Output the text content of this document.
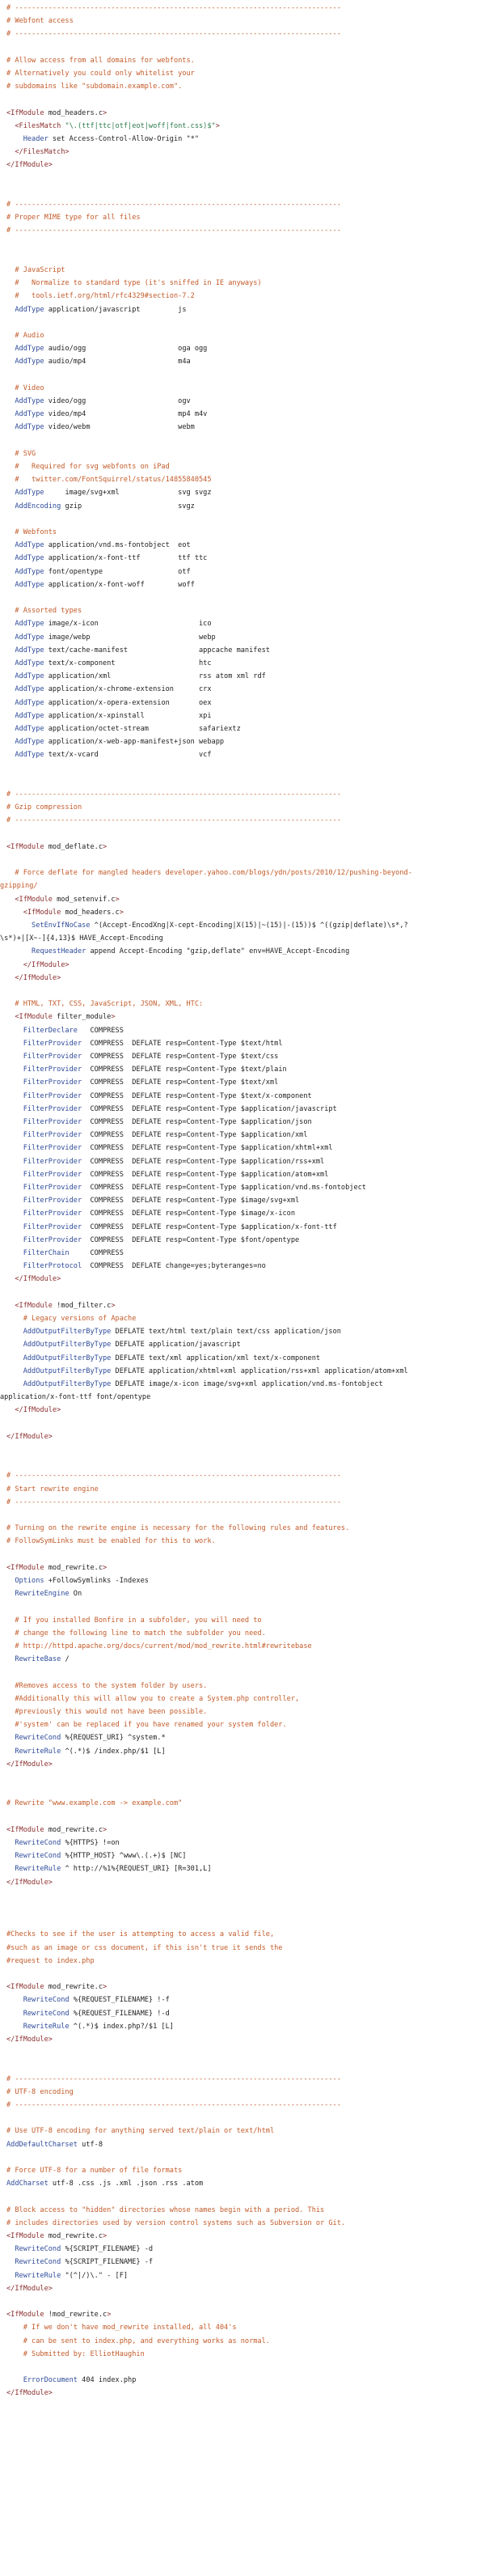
# ------------------------------------------------------------------------------
# Webfont access
# ------------------------------------------------------------------------------
# Allow access from all domains for webfonts.
# Alternatively you could only whitelist your
# subdomains like "subdomain.example.com".
<IfModule mod_headers.c>
<FilesMatch "\.(ttf|ttc|otf|eot|woff|font.css)$">
Header set Access-Control-Allow-Origin "*"
</FilesMatch>
</IfModule>
# ------------------------------------------------------------------------------
# Proper MIME type for all files
# ------------------------------------------------------------------------------
# JavaScript
#   Normalize to standard type (it's sniffed in IE anyways)
#   tools.ietf.org/html/rfc4329#section-7.2
AddType application/javascript         js
# Audio
AddType audio/ogg                      oga ogg
AddType audio/mp4                      m4a
# Video
AddType video/ogg                      ogv
AddType video/mp4                      mp4 m4v
AddType video/webm                     webm
# SVG
#   Required for svg webfonts on iPad
#   twitter.com/FontSquirrel/status/14855840545
AddType     image/svg+xml              svg svgz
AddEncoding gzip                       svgz
# Webfonts
AddType application/vnd.ms-fontobject  eot
AddType application/x-font-ttf         ttf ttc
AddType font/opentype                  otf
AddType application/x-font-woff        woff
# Assorted types
AddType image/x-icon                        ico
AddType image/webp                          webp
AddType text/cache-manifest                 appcache manifest
AddType text/x-component                    htc
AddType application/xml                     rss atom xml rdf
AddType application/x-chrome-extension      crx
AddType application/x-opera-extension       oex
AddType application/x-xpinstall             xpi
AddType application/octet-stream            safariextz
AddType application/x-web-app-manifest+json webapp
AddType text/x-vcard                        vcf
# ------------------------------------------------------------------------------
# Gzip compression
# ------------------------------------------------------------------------------
<IfModule mod_deflate.c>
# Force deflate for mangled headers developer.yahoo.com/blogs/ydn/posts/2010/12/pushing-beyond-
gzipping/
<IfModule mod_setenvif.c>
<IfModule mod_headers.c>
SetEnvIfNoCase ^(Accept-EncodXng|X-cept-Encoding|X(15)|~(15)|-(15))$ ^((gzip|deflate)\s*,?
\s*)+|[X~-]{4,13}$ HAVE_Accept-Encoding
RequestHeader append Accept-Encoding "gzip,deflate" env=HAVE_Accept-Encoding
</IfModule>
</IfModule>
# HTML, TXT, CSS, JavaScript, JSON, XML, HTC:
<IfModule filter_module>
FilterDeclare   COMPRESS
FilterProvider  COMPRESS  DEFLATE resp=Content-Type $text/html
FilterProvider  COMPRESS  DEFLATE resp=Content-Type $text/css
FilterProvider  COMPRESS  DEFLATE resp=Content-Type $text/plain
FilterProvider  COMPRESS  DEFLATE resp=Content-Type $text/xml
FilterProvider  COMPRESS  DEFLATE resp=Content-Type $text/x-component
FilterProvider  COMPRESS  DEFLATE resp=Content-Type $application/javascript
FilterProvider  COMPRESS  DEFLATE resp=Content-Type $application/json
FilterProvider  COMPRESS  DEFLATE resp=Content-Type $application/xml
FilterProvider  COMPRESS  DEFLATE resp=Content-Type $application/xhtml+xml
FilterProvider  COMPRESS  DEFLATE resp=Content-Type $application/rss+xml
FilterProvider  COMPRESS  DEFLATE resp=Content-Type $application/atom+xml
FilterProvider  COMPRESS  DEFLATE resp=Content-Type $application/vnd.ms-fontobject
FilterProvider  COMPRESS  DEFLATE resp=Content-Type $image/svg+xml
FilterProvider  COMPRESS  DEFLATE resp=Content-Type $image/x-icon
FilterProvider  COMPRESS  DEFLATE resp=Content-Type $application/x-font-ttf
FilterProvider  COMPRESS  DEFLATE resp=Content-Type $font/opentype
FilterChain     COMPRESS
FilterProtocol  COMPRESS  DEFLATE change=yes;byteranges=no
</IfModule>
<IfModule !mod_filter.c>
# Legacy versions of Apache
AddOutputFilterByType DEFLATE text/html text/plain text/css application/json
AddOutputFilterByType DEFLATE application/javascript
AddOutputFilterByType DEFLATE text/xml application/xml text/x-component
AddOutputFilterByType DEFLATE application/xhtml+xml application/rss+xml application/atom+xml
AddOutputFilterByType DEFLATE image/x-icon image/svg+xml application/vnd.ms-fontobject
application/x-font-ttf font/opentype
</IfModule>
</IfModule>
# ------------------------------------------------------------------------------
# Start rewrite engine
# ------------------------------------------------------------------------------
# Turning on the rewrite engine is necessary for the following rules and features.
# FollowSymLinks must be enabled for this to work.
<IfModule mod_rewrite.c>
Options +FollowSymlinks -Indexes
RewriteEngine On
# If you installed Bonfire in a subfolder, you will need to
# change the following line to match the subfolder you need.
# http://httpd.apache.org/docs/current/mod/mod_rewrite.html#rewritebase
RewriteBase /
#Removes access to the system folder by users.
#Additionally this will allow you to create a System.php controller,
#previously this would not have been possible.
#'system' can be replaced if you have renamed your system folder.
RewriteCond %{REQUEST_URI} ^system.*
RewriteRule ^(.*)$ /index.php/$1 [L]
</IfModule>
# Rewrite "www.example.com -> example.com"
<IfModule mod_rewrite.c>
RewriteCond %{HTTPS} !=on
RewriteCond %{HTTP_HOST} ^www\.(.+)$ [NC]
RewriteRule ^ http://%1%{REQUEST_URI} [R=301,L]
</IfModule>
#Checks to see if the user is attempting to access a valid file,
#such as an image or css document, if this isn't true it sends the
#request to index.php
<IfModule mod_rewrite.c>
RewriteCond %{REQUEST_FILENAME} !-f
RewriteCond %{REQUEST_FILENAME} !-d
RewriteRule ^(.*)$ index.php?/$1 [L]
</IfModule>
# ------------------------------------------------------------------------------
# UTF-8 encoding
# ------------------------------------------------------------------------------
# Use UTF-8 encoding for anything served text/plain or text/html
AddDefaultCharset utf-8
# Force UTF-8 for a number of file formats
AddCharset utf-8 .css .js .xml .json .rss .atom
# Block access to "hidden" directories whose names begin with a period. This
# includes directories used by version control systems such as Subversion or Git.
<IfModule mod_rewrite.c>
RewriteCond %{SCRIPT_FILENAME} -d
RewriteCond %{SCRIPT_FILENAME} -f
RewriteRule "(^|/)\." - [F]
</IfModule>
<IfModule !mod_rewrite.c>
# If we don't have mod_rewrite installed, all 404's
# can be sent to index.php, and everything works as normal.
# Submitted by: ElliotHaughin
ErrorDocument 404 index.php
</IfModule>
